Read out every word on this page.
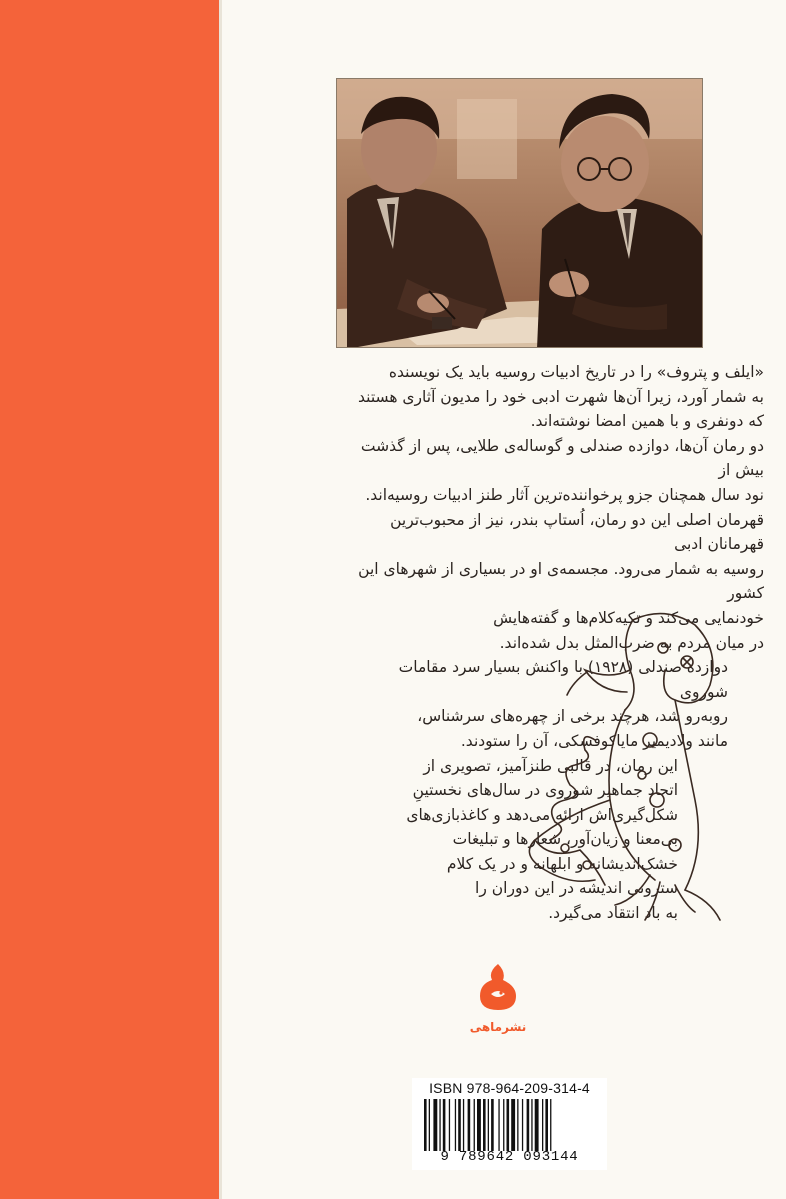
«ایلف و پتروف» را در تاریخ ادبیات روسیه باید یک نویسنده
به شمار آورد، زیرا آن‌ها شهرت ادبی خود را مدیون آثاری هستند
که دونفری و با همین امضا نوشته‌اند.

دو رمان آن‌ها، دوازده صندلی و گوساله‌ی طلایی، پس از گذشت بیش از
نود سال همچنان جزو پرخواننده‌ترین آثار طنز ادبیات روسیه‌اند.

قهرمان اصلی این دو رمان، اُستاپ بندر، نیز از محبوب‌ترین قهرمانان ادبی
روسیه به شمار می‌رود. مجسمه‌ی او در بسیاری از شهرهای این کشور
خودنمایی می‌کند و تکیه‌کلام‌ها و گفته‌هایش
در میان مردم به ضرب‌المثل بدل شده‌اند.

دوازده صندلی (۱۹۲۸) با واکنش بسیار سرد مقامات شوروی
روبه‌رو شد، هرچند برخی از چهره‌های سرشناس،
مانند ولادیمیر مایاکوفسکی، آن را ستودند.

این رمان، در قالبی طنزآمیز، تصویری از
اتحاد جماهیر شوروی در سال‌های نخستینِ
شکل‌گیری‌اش ارائه می‌دهد و کاغذبازی‌های
بی‌معنا و زیان‌آور، شعارها و تبلیغات
خشک‌اندیشانه و ابلهانه و در یک کلام
سترونی اندیشه در این دوران را
به باد انتقاد می‌گیرد.

نشرماهی
ISBN 978-964-209-314-4
9 789642 093144
